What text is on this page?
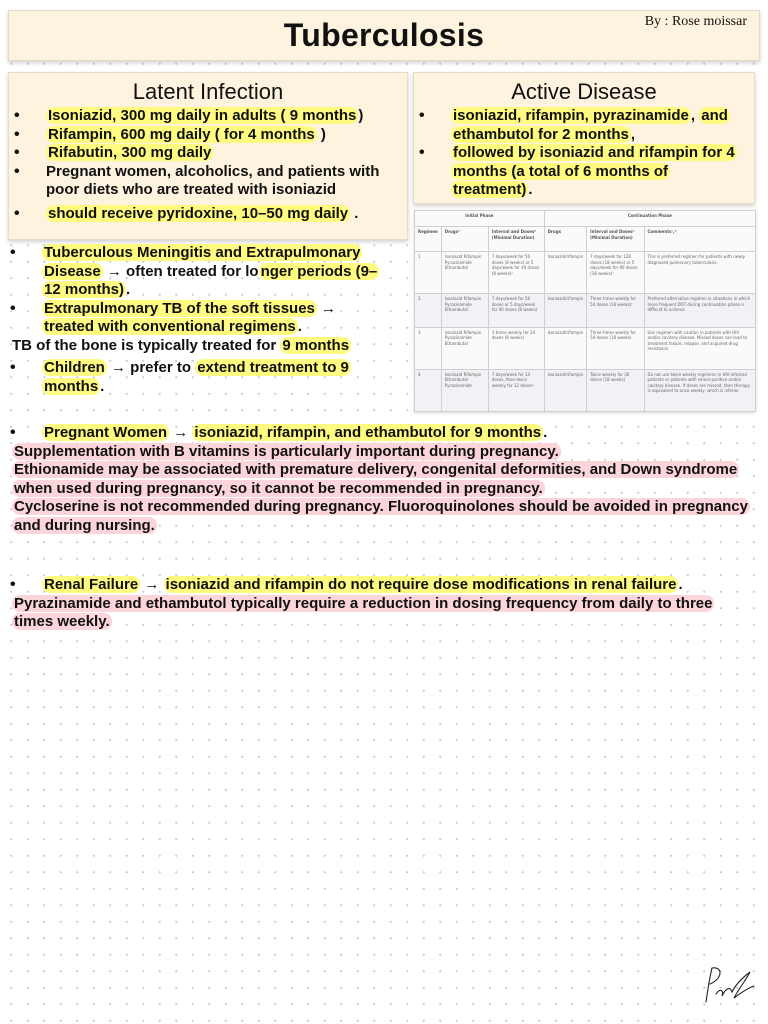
Tuberculosis	By : Rose moissar
Latent Infection
• Isoniazid, 300 mg daily in adults ( 9 months )
• Rifampin, 600 mg daily ( for 4 months )
• Rifabutin, 300 mg daily
• Pregnant women, alcoholics, and patients with poor diets who are treated with isoniazid
• should receive pyridoxine, 10–50 mg daily .
Active Disease
• isoniazid, rifampin, pyrazinamide , and ethambutol for 2 months ,
• followed by isoniazid and rifampin for 4 months (a total of 6 months of treatment) .
Initial Phase			Continuation Phase		
Regimen	Drugsᵃ	Interval and Dosesᵇ (Minimal Duration)	Drugs	Interval and Dosesᵇ (Minimal Duration)	Commentsᶜ,ᵈ
1	Isoniazid Rifampin Pyrazinamide Ethambutol	7 days/week for 56 doses (8 weeks) or 5 days/week for 40 doses (8 weeks)ᵉ	Isoniazid/rifampin	7 days/week for 126 doses (18 weeks) or 5 days/week for 90 doses (18 weeks)ᵉ	This is preferred regimen for patients with newly diagnosed pulmonary tuberculosis.
2	Isoniazid Rifampin Pyrazinamide Ethambutol	7 days/week for 56 doses or 5 days/week for 40 doses (8 weeks)	Isoniazid/rifampin	Three times weekly for 54 doses (18 weeks)ᶠ	Preferred alternative regimen in situations in which more frequent DOT during continuation phase is difficult to achieve.
3	Isoniazid Rifampin Pyrazinamide Ethambutol	3 times weekly for 24 doses (8 weeks)	Isoniazid/rifampin	Three times weekly for 54 doses (18 weeks)	Use regimen with caution in patients with HIV and/or cavitary disease. Missed doses can lead to treatment failure, relapse, and acquired drug resistance.
4	Isoniazid Rifampin Ethambutol Pyrazinamide	7 days/week for 14 doses, then twice weekly for 12 dosesᵍ	Isoniazid/rifampin	Twice weekly for 36 doses (18 weeks)	Do not use twice weekly regimens in HIV-infected patients or patients with smear-positive and/or cavitary disease. If doses are missed, then therapy is equivalent to once weekly, which is inferior.
• Tuberculous Meningitis and Extrapulmonary Disease → often treated for lo nger periods (9–12 months) .
• Extrapulmonary TB of the soft tissues → treated with conventional regimens .

TB of the bone is typically treated for 9 months

• Children → prefer to extend treatment to 9 months .
• Pregnant Women → isoniazid, rifampin, and ethambutol for 9 months .

Supplementation with B vitamins is particularly important during pregnancy.

Ethionamide may be associated with premature delivery, congenital deformities, and Down syndrome when used during pregnancy, so it cannot be recommended in pregnancy.

Cycloserine is not recommended during pregnancy. Fluoroquinolones should be avoided in pregnancy and during nursing.

• Renal Failure → isoniazid and rifampin do not require dose modifications in renal failure .

Pyrazinamide and ethambutol typically require a reduction in dosing frequency from daily to three times weekly.
